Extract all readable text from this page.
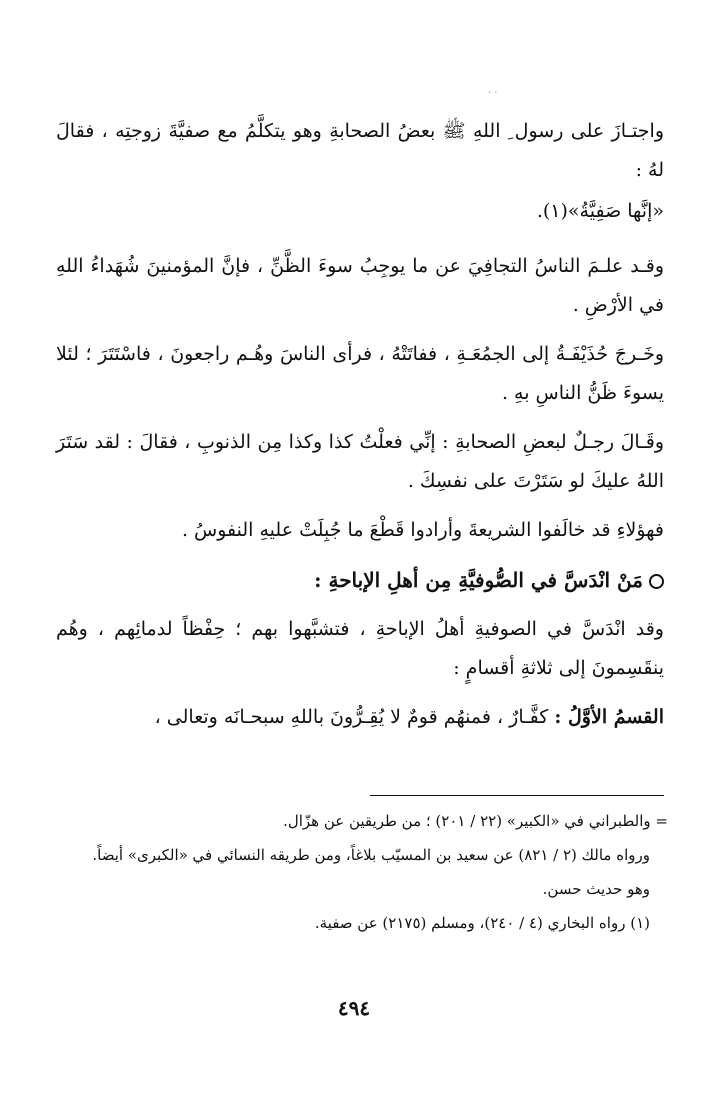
· ·

واجتـازَ على رسول ِ اللهِ ﷺ بعضُ الصحابةِ وهو يتكلَّمُ مع صفيَّةَ زوجتِه ، فقالَ لهُ :

«إنَّها صَفِيَّةُ»(١).

وقـد علـمَ الناسُ التجافِيَ عن ما يوجِبُ سوءَ الظَّنِّ ، فإنَّ المؤمنينَ شُهَداءُ اللهِ في الأرْضِ .

وخَـرجَ حُذَيْفَـةُ إلى الجمُعَـةِ ، ففاتَتْهُ ، فرأى الناسَ وهُـم راجعونَ ، فاسْتَتَرَ ؛ لئلا يسوءَ ظَنُّ الناسِ بهِ .

وقَـالَ رجـلٌ لبعضِ الصحابةِ : إنِّي فعلْتُ كذا وكذا مِن الذنوبِ ، فقالَ : لقد سَتَرَ اللهُ عليكَ لو سَتَرْتَ على نفسِكَ .

فهؤلاءِ قد خالَفوا الشريعةَ وأرادوا قَطْعَ ما جُبِلَتْ عليهِ النفوسُ .

مَنْ انْدَسَّ في الصُّوفيَّةِ مِن أهلِ الإباحةِ :

وقد انْدَسَّ في الصوفيةِ أهلُ الإباحةِ ، فتشبَّهوا بهم ؛ حِفْظاً لدمائِهم ، وهُم ينقَسِمونَ إلى ثلاثةِ أقسامٍ :

القسمُ الأوَّلُ : كفَّـارٌ ، فمنهُم قومٌ لا يُقِـرُّونَ باللهِ سبحـانَه وتعالى ،

= والطبراني في «الكبير» (٢٢ / ٢٠١) ؛ من طريقين عن هزّال.

ورواه مالك (٢ / ٨٢١) عن سعيد بن المسيّب بلاغاً، ومن طريقه النسائي في «الكبرى» أيضاً.

وهو حديث حسن.

(١) رواه البخاري (٤ / ٢٤٠)، ومسلم (٢١٧٥) عن صفية.

٤٩٤
